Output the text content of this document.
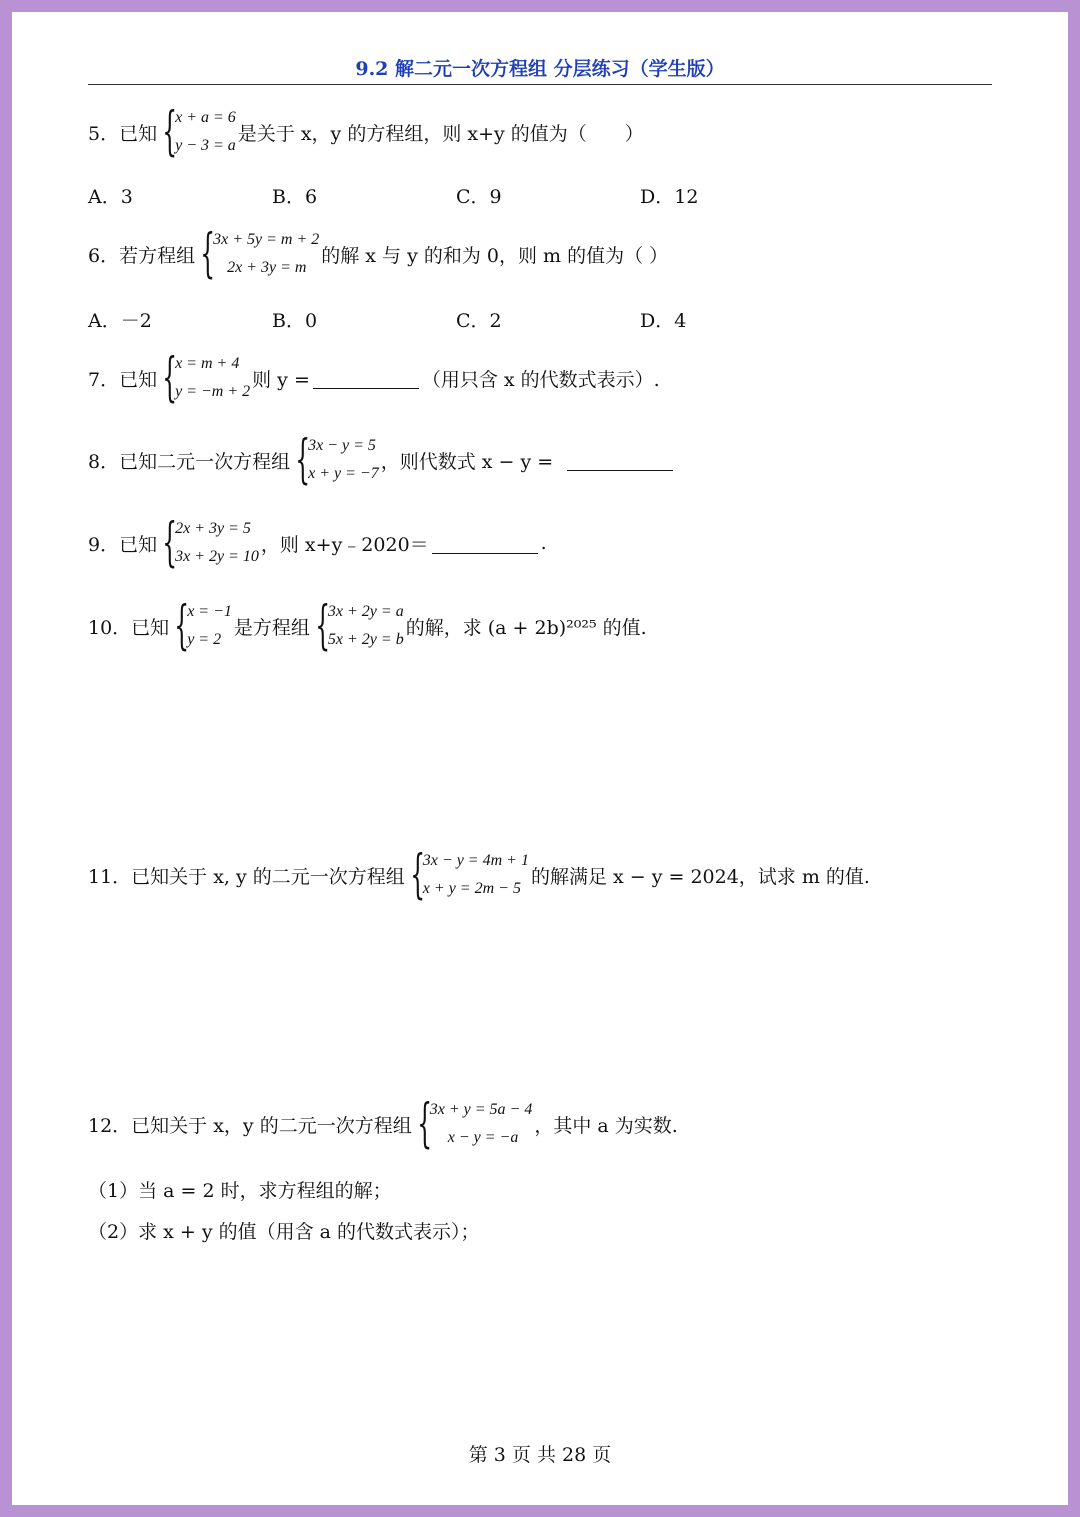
9.2 解二元一次方程组 分层练习（学生版）
5．已知 {
x + a = 6
y − 3 = a
是关于 x，y 的方程组，则 x+y 的值为（　　）
A．3	B．6	C．9	D．12
6．若方程组 {
3x + 5y = m + 2
2x + 3y = m
的解 x 与 y 的和为 0，则 m 的值为（ ）
A．－2	B．0	C．2	D．4
7．已知 {
x = m + 4
y = −m + 2
则 y =	（用只含 x 的代数式表示）.
8．已知二元一次方程组 {
3x − y = 5
x + y = −7
，则代数式 x − y =
9．已知 {
2x + 3y = 5
3x + 2y = 10
，则 x+y﹣2020＝	.
10．已知 {
x = −1
y = 2
是方程组 {
3x + 2y = a
5x + 2y = b
的解，求 (a + 2b)²⁰²⁵ 的值.
11．已知关于 x, y 的二元一次方程组 {
3x − y = 4m + 1
x + y = 2m − 5
的解满足 x − y = 2024，试求 m 的值.
12．已知关于 x，y 的二元一次方程组 {
3x + y = 5a − 4
x − y = −a
，其中 a 为实数.
（1）当 a = 2 时，求方程组的解；
（2）求 x + y 的值（用含 a 的代数式表示）；
第 3 页 共 28 页
